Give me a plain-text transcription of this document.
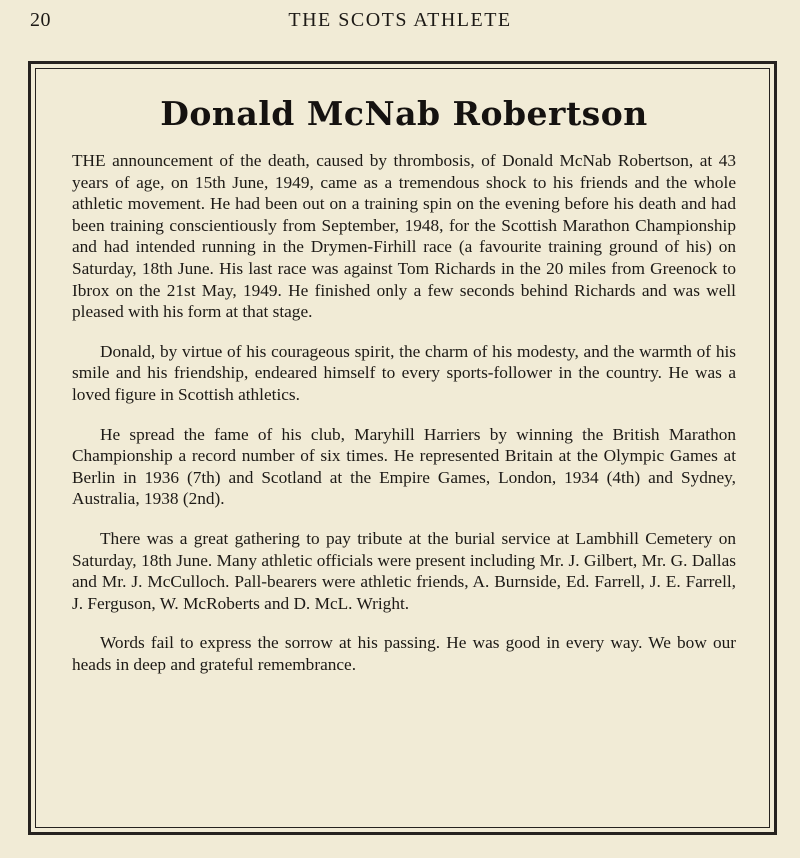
20	THE SCOTS ATHLETE
Donald McNab Robertson

THE announcement of the death, caused by thrombosis, of Donald McNab Robertson, at 43 years of age, on 15th June, 1949, came as a tremendous shock to his friends and the whole athletic movement. He had been out on a training spin on the evening before his death and had been training conscientiously from September, 1948, for the Scottish Marathon Championship and had intended running in the Drymen-Firhill race (a favourite training ground of his) on Saturday, 18th June. His last race was against Tom Richards in the 20 miles from Greenock to Ibrox on the 21st May, 1949. He finished only a few seconds behind Richards and was well pleased with his form at that stage.

Donald, by virtue of his courageous spirit, the charm of his modesty, and the warmth of his smile and his friendship, endeared himself to every sports-follower in the country. He was a loved figure in Scottish athletics.

He spread the fame of his club, Maryhill Harriers by winning the British Marathon Championship a record number of six times. He represented Britain at the Olympic Games at Berlin in 1936 (7th) and Scotland at the Empire Games, London, 1934 (4th) and Sydney, Australia, 1938 (2nd).

There was a great gathering to pay tribute at the burial service at Lambhill Cemetery on Saturday, 18th June. Many athletic officials were present including Mr. J. Gilbert, Mr. G. Dallas and Mr. J. McCulloch. Pall-bearers were athletic friends, A. Burnside, Ed. Farrell, J. E. Farrell, J. Ferguson, W. McRoberts and D. McL. Wright.

Words fail to express the sorrow at his passing. He was good in every way. We bow our heads in deep and grateful remembrance.
